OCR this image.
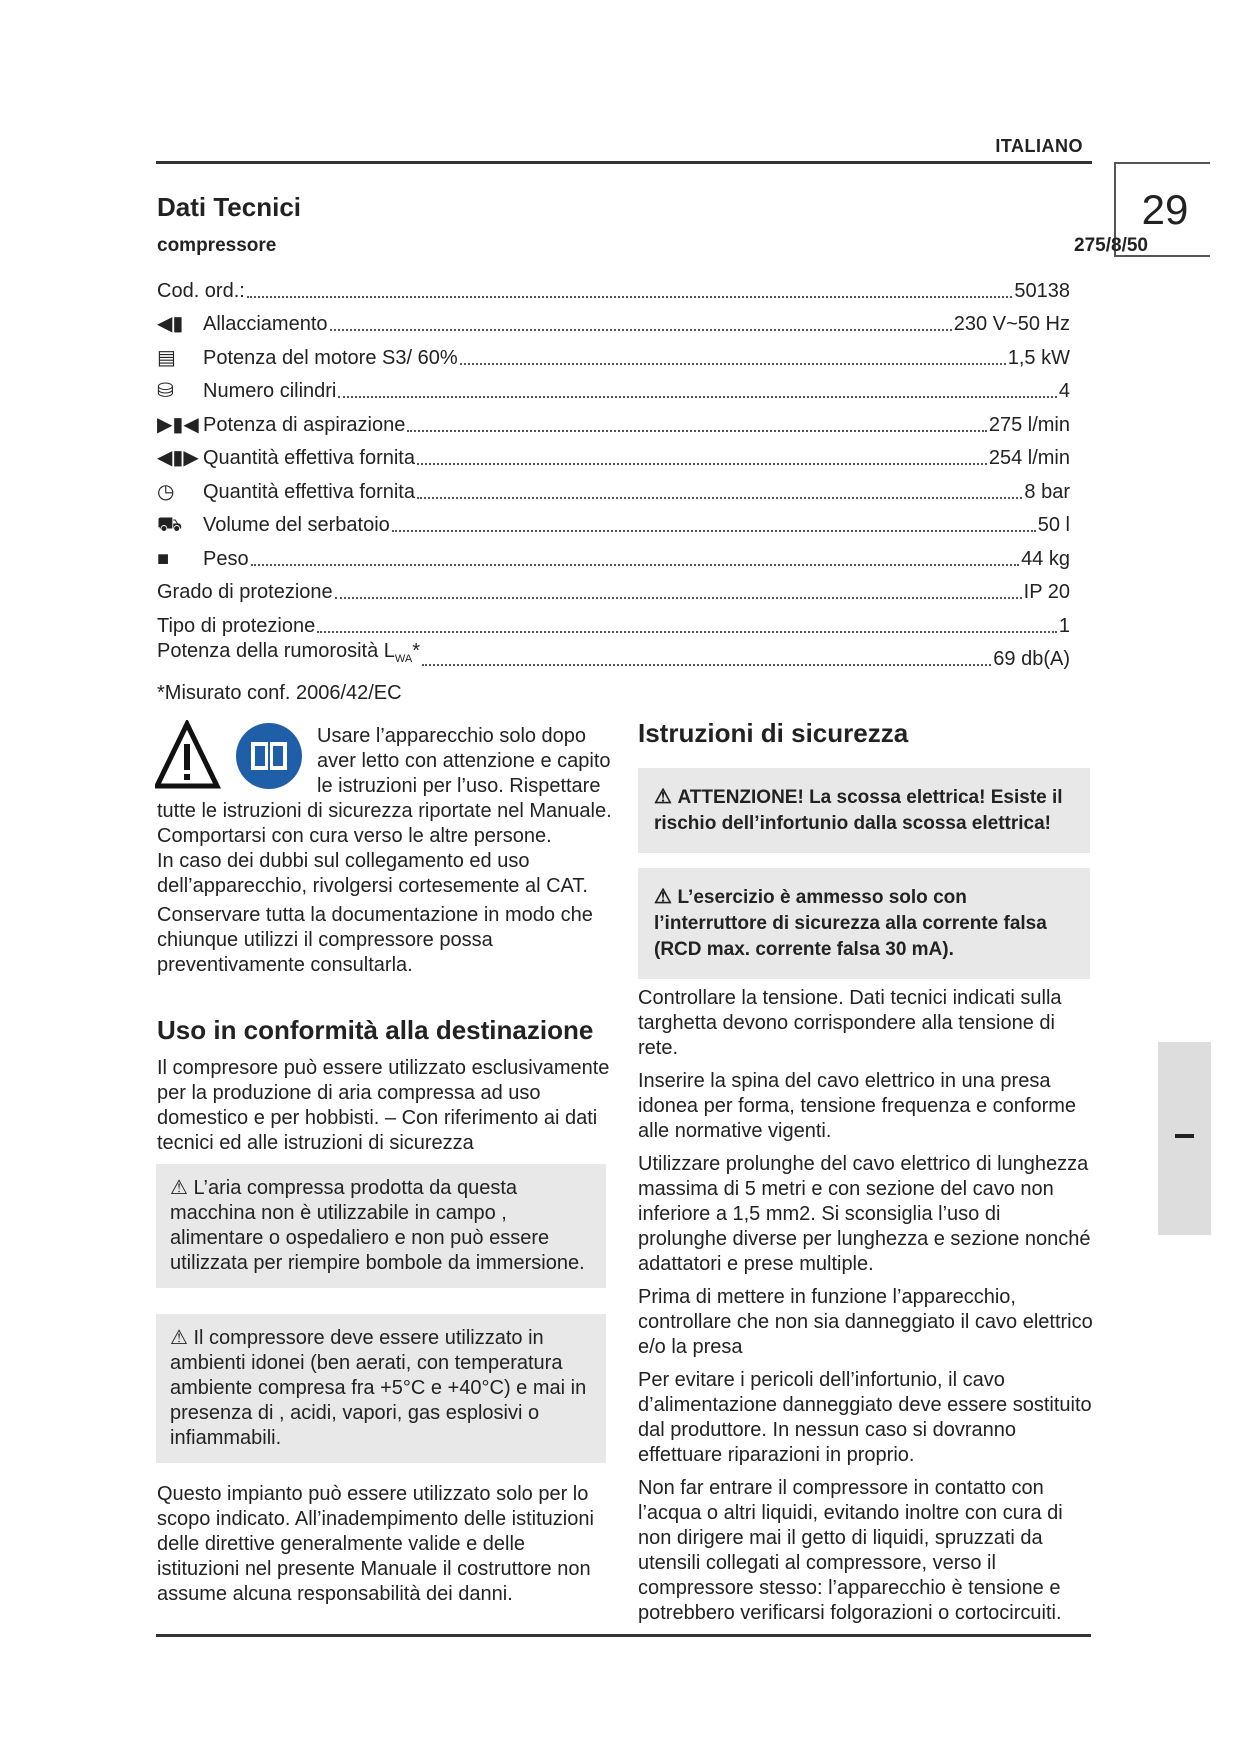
ITALIANO
29
Dati Tecnici
compressore	275/8/50
Cod. ord.:	50138
◀▮ Allacciamento	230 V~50 Hz
▤	Potenza del motore S3/ 60%	1,5 kW
⛁	Numero cilindri	4
▶▮◀ Potenza di aspirazione	275 l/min
◀▮▶ Quantità effettiva fornita	254 l/min
◷	Quantità effettiva fornita	8 bar
⛟	Volume del serbatoio	50 l
■	Peso	44 kg
Grado di protezione	IP 20
Tipo di protezione	1
Potenza della rumorosità $L_{WA}*$	69 db(A)
*Misurato conf. 2006/42/EC
Usare l’apparecchio solo dopo aver letto con attenzione e capito le istruzioni per l’uso. Rispettare
tutte le istruzioni di sicurezza riportate nel Manuale. Comportarsi con cura verso le altre persone.
In caso dei dubbi sul collegamento ed uso dell’apparecchio, rivolgersi cortesemente al CAT.
Conservare tutta la documentazione in modo che chiunque utilizzi il compressore possa preventivamente consultarla.
Uso in conformità alla destinazione
Il compresore può essere utilizzato esclusivamente per la produzione di aria compressa ad uso domestico e per hobbisti. – Con riferimento ai dati tecnici ed alle istruzioni di sicurezza
⚠ L’aria compressa prodotta da questa macchina non è utilizzabile in campo , alimentare o ospedaliero e non può essere utilizzata per riempire bombole da immersione.
⚠ Il compressore deve essere utilizzato in ambienti idonei (ben aerati, con temperatura ambiente compresa fra +5°C e +40°C) e mai in presenza di , acidi, vapori, gas esplosivi o infiammabili.
Questo impianto può essere utilizzato solo per lo scopo indicato. All’inadempimento delle istituzioni delle direttive generalmente valide e delle istituzioni nel presente Manuale il costruttore non assume alcuna responsabilità dei danni.
Istruzioni di sicurezza
⚠ ATTENZIONE! La scossa elettrica! Esiste il rischio dell’infortunio dalla scossa elettrica!
⚠ L’esercizio è ammesso solo con l’interruttore di sicurezza alla corrente falsa (RCD max. corrente falsa 30 mA).

Controllare la tensione. Dati tecnici indicati sulla targhetta devono corrispondere alla tensione di rete.

Inserire la spina del cavo elettrico in una presa idonea per forma, tensione frequenza e conforme alle normative vigenti.

Utilizzare prolunghe del cavo elettrico di lunghezza massima di 5 metri e con sezione del cavo non inferiore a 1,5 mm2. Si sconsiglia l’uso di prolunghe diverse per lunghezza e sezione nonché adattatori e prese multiple.

Prima di mettere in funzione l’apparecchio, controllare che non sia danneggiato il cavo elettrico e/o la presa

Per evitare i pericoli dell’infortunio, il cavo d’alimentazione danneggiato deve essere sostituito dal produttore. In nessun caso si dovranno effettuare riparazioni in proprio.

Non far entrare il compressore in contatto con l’acqua o altri liquidi, evitando inoltre con cura di non dirigere mai il getto di liquidi, spruzzati da utensili collegati al compressore, verso il compressore stesso: l’apparecchio è tensione e potrebbero verificarsi folgorazioni o cortocircuiti.
